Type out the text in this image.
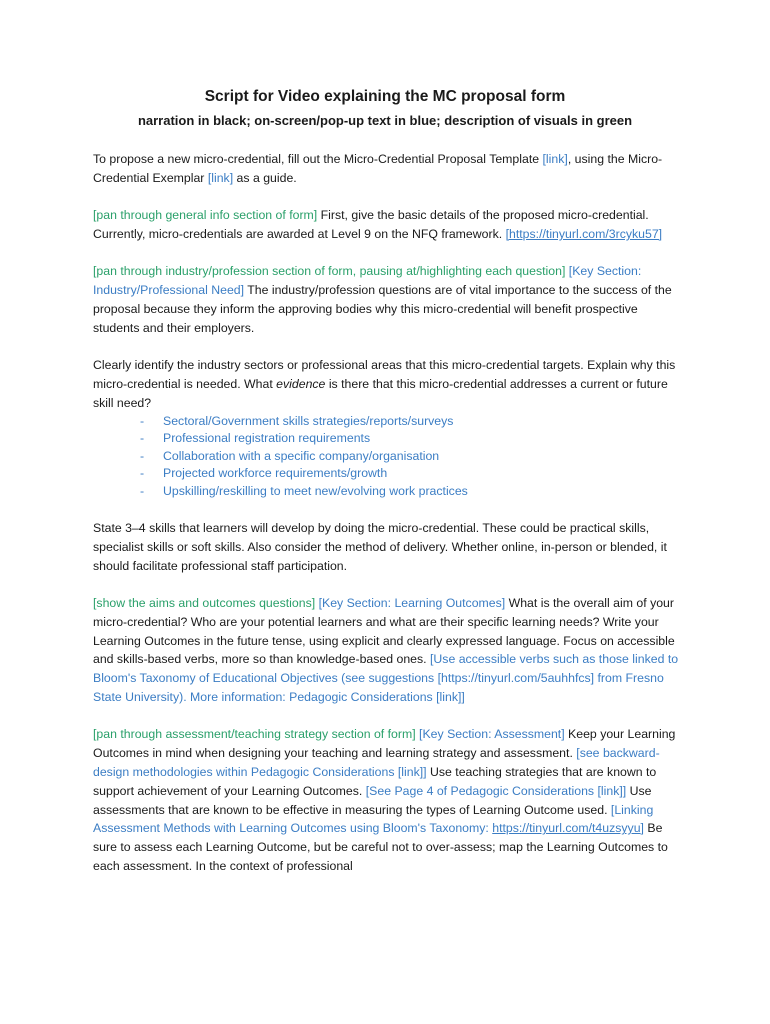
Script for Video explaining the MC proposal form
narration in black; on-screen/pop-up text in blue; description of visuals in green

To propose a new micro-credential, fill out the Micro-Credential Proposal Template [link], using the Micro-Credential Exemplar [link] as a guide.

[pan through general info section of form] First, give the basic details of the proposed micro-credential. Currently, micro-credentials are awarded at Level 9 on the NFQ framework. [https://tinyurl.com/3rcyku57]

[pan through industry/profession section of form, pausing at/highlighting each question] [Key Section: Industry/Professional Need] The industry/profession questions are of vital importance to the success of the proposal because they inform the approving bodies why this micro-credential will benefit prospective students and their employers.

Clearly identify the industry sectors or professional areas that this micro-credential targets. Explain why this micro-credential is needed. What evidence is there that this micro-credential addresses a current or future skill need?

- Sectoral/Government skills strategies/reports/surveys
- Professional registration requirements
- Collaboration with a specific company/organisation
- Projected workforce requirements/growth
- Upskilling/reskilling to meet new/evolving work practices

State 3–4 skills that learners will develop by doing the micro-credential. These could be practical skills, specialist skills or soft skills. Also consider the method of delivery. Whether online, in-person or blended, it should facilitate professional staff participation.

[show the aims and outcomes questions] [Key Section: Learning Outcomes] What is the overall aim of your micro-credential? Who are your potential learners and what are their specific learning needs? Write your Learning Outcomes in the future tense, using explicit and clearly expressed language. Focus on accessible and skills-based verbs, more so than knowledge-based ones. [Use accessible verbs such as those linked to Bloom's Taxonomy of Educational Objectives (see suggestions [https://tinyurl.com/5auhhfcs] from Fresno State University). More information: Pedagogic Considerations [link]]

[pan through assessment/teaching strategy section of form] [Key Section: Assessment] Keep your Learning Outcomes in mind when designing your teaching and learning strategy and assessment. [see backward-design methodologies within Pedagogic Considerations [link]] Use teaching strategies that are known to support achievement of your Learning Outcomes. [See Page 4 of Pedagogic Considerations [link]] Use assessments that are known to be effective in measuring the types of Learning Outcome used. [Linking Assessment Methods with Learning Outcomes using Bloom's Taxonomy: https://tinyurl.com/t4uzsyyu] Be sure to assess each Learning Outcome, but be careful not to over-assess; map the Learning Outcomes to each assessment. In the context of professional
